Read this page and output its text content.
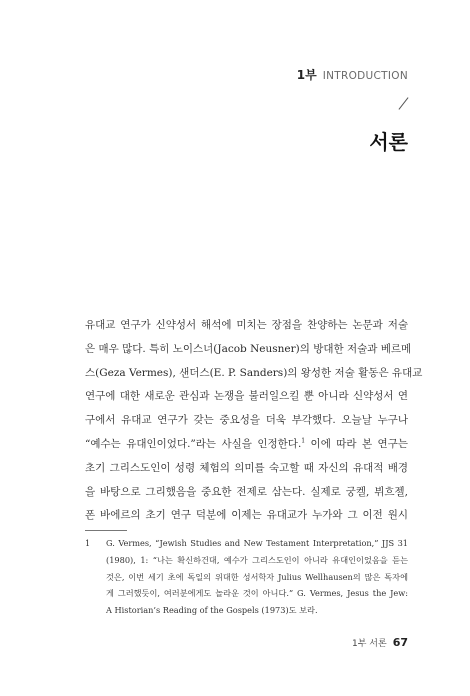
1부 INTRODUCTION
서론
유대교 연구가 신약성서 해석에 미치는 장점을 찬양하는 논문과 저술
은 매우 많다. 특히 노이스너(Jacob Neusner)의 방대한 저술과 베르메
스(Geza Vermes), 샌더스(E. P. Sanders)의 왕성한 저술 활동은 유대교
연구에 대한 새로운 관심과 논쟁을 불러일으킬 뿐 아니라 신약성서 연
구에서 유대교 연구가 갖는 중요성을 더욱 부각했다. 오늘날 누구나
“예수는 유대인이었다.”라는 사실을 인정한다.$^1$ 이에 따라 본 연구는
초기 그리스도인이 성령 체험의 의미를 숙고할 때 자신의 유대적 배경
을 바탕으로 그리했음을 중요한 전제로 삼는다. 실제로 궁켈, 뷔흐젤,
폰 바에르의 초기 연구 덕분에 이제는 유대교가 누가와 그 이전 원시
1 G. Vermes, “Jewish Studies and New Testament Interpretation,” JJS 31
(1980), 1: “나는 확신하건대, 예수가 그리스도인이 아니라 유대인이었음을 듣는
것은, 이번 세기 초에 독일의 위대한 성서학자 Julius Wellhausen의 많은 독자에
게 그러했듯이, 여러분에게도 놀라운 것이 아니다.” G. Vermes, Jesus the Jew:
A Historian’s Reading of the Gospels (1973)도 보라.
1부 서론 67
